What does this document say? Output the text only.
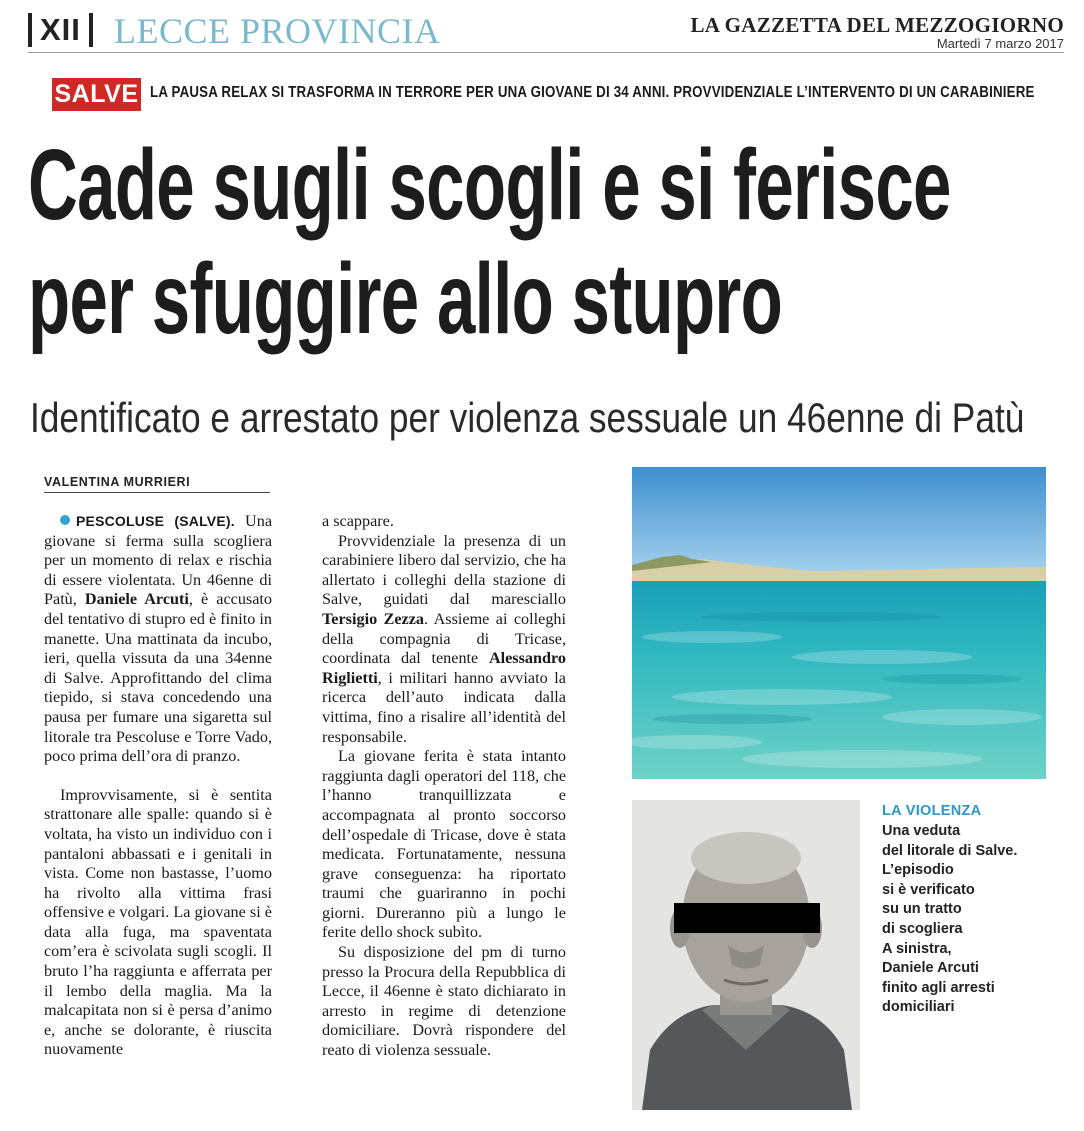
XII LECCE PROVINCIA	LA GAZZETTA DEL MEZZOGIORNO
Martedì 7 marzo 2017
SALVE LA PAUSA RELAX SI TRASFORMA IN TERRORE PER UNA GIOVANE DI 34 ANNI. PROVVIDENZIALE L’INTERVENTO DI UN CARABINIERE
Cade sugli scogli e si ferisce
per sfuggire allo stupro
Identificato e arrestato per violenza sessuale un 46enne di Patù
VALENTINA MURRIERI

PESCOLUSE (SALVE). Una giovane si ferma sulla scogliera per un momento di relax e rischia di essere violentata. Un 46enne di Patù, Daniele Arcuti, è accusato del tentativo di stupro ed è finito in manette. Una mattinata da incubo, ieri, quella vissuta da una 34enne di Salve. Approfittando del clima tiepido, si stava concedendo una pausa per fumare una sigaretta sul litorale tra Pescoluse e Torre Vado, poco prima dell’ora di pranzo.

Improvvisamente, si è sentita strattonare alle spalle: quando si è voltata, ha visto un individuo con i pantaloni abbassati e i genitali in vista. Come non bastasse, l’uomo ha rivolto alla vittima frasi offensive e volgari. La giovane si è data alla fuga, ma spaventata com’era è scivolata sugli scogli. Il bruto l’ha raggiunta e afferrata per il lembo della maglia. Ma la malcapitata non si è persa d’animo e, anche se dolorante, è riuscita nuovamente

a scappare.

Provvidenziale la presenza di un carabiniere libero dal servizio, che ha allertato i colleghi della stazione di Salve, guidati dal maresciallo Tersigio Zezza. Assieme ai colleghi della compagnia di Tricase, coordinata dal tenente Alessandro Riglietti, i militari hanno avviato la ricerca dell’auto indicata dalla vittima, fino a risalire all’identità del responsabile.

La giovane ferita è stata intanto raggiunta dagli operatori del 118, che l’hanno tranquillizzata e accompagnata al pronto soccorso dell’ospedale di Tricase, dove è stata medicata. Fortunatamente, nessuna grave conseguenza: ha riportato traumi che guariranno in pochi giorni. Dureranno più a lungo le ferite dello shock subìto.

Su disposizione del pm di turno presso la Procura della Repubblica di Lecce, il 46enne è stato dichiarato in arresto in regime di detenzione domiciliare. Dovrà rispondere del reato di violenza sessuale.

LA VIOLENZA
Una veduta
del litorale di Salve.
L’episodio
si è verificato
su un tratto
di scogliera
A sinistra,
Daniele Arcuti
finito agli arresti
domiciliari
